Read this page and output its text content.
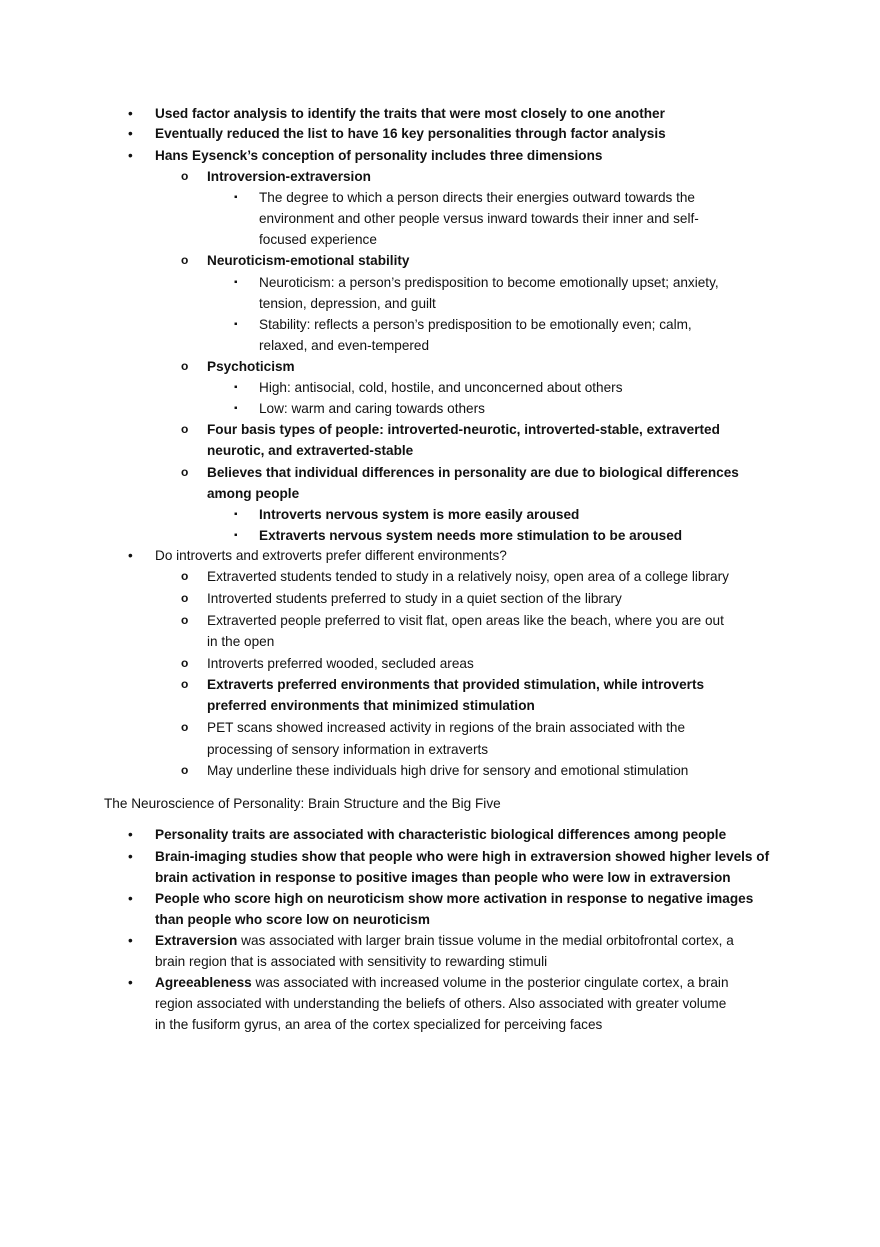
• Used factor analysis to identify the traits that were most closely to one another
• Eventually reduced the list to have 16 key personalities through factor analysis
• Hans Eysenck’s conception of personality includes three dimensions
o Introversion-extraversion
▪ The degree to which a person directs their energies outward towards the
environment and other people versus inward towards their inner and self-
focused experience
o Neuroticism-emotional stability
▪ Neuroticism: a person’s predisposition to become emotionally upset; anxiety,
tension, depression, and guilt
▪ Stability: reflects a person’s predisposition to be emotionally even; calm,
relaxed, and even-tempered
o Psychoticism
▪ High: antisocial, cold, hostile, and unconcerned about others
▪ Low: warm and caring towards others
o Four basis types of people: introverted-neurotic, introverted-stable, extraverted
neurotic, and extraverted-stable
o Believes that individual differences in personality are due to biological differences
among people
▪ Introverts nervous system is more easily aroused
▪ Extraverts nervous system needs more stimulation to be aroused
• Do introverts and extroverts prefer different environments?
o Extraverted students tended to study in a relatively noisy, open area of a college library
o Introverted students preferred to study in a quiet section of the library
o Extraverted people preferred to visit flat, open areas like the beach, where you are out
in the open
o Introverts preferred wooded, secluded areas
o Extraverts preferred environments that provided stimulation, while introverts
preferred environments that minimized stimulation
o PET scans showed increased activity in regions of the brain associated with the
processing of sensory information in extraverts
o May underline these individuals high drive for sensory and emotional stimulation
The Neuroscience of Personality: Brain Structure and the Big Five
• Personality traits are associated with characteristic biological differences among people
• Brain-imaging studies show that people who were high in extraversion showed higher levels of
brain activation in response to positive images than people who were low in extraversion
• People who score high on neuroticism show more activation in response to negative images
than people who score low on neuroticism
• Extraversion was associated with larger brain tissue volume in the medial orbitofrontal cortex, a
brain region that is associated with sensitivity to rewarding stimuli
• Agreeableness was associated with increased volume in the posterior cingulate cortex, a brain
region associated with understanding the beliefs of others. Also associated with greater volume
in the fusiform gyrus, an area of the cortex specialized for perceiving faces
